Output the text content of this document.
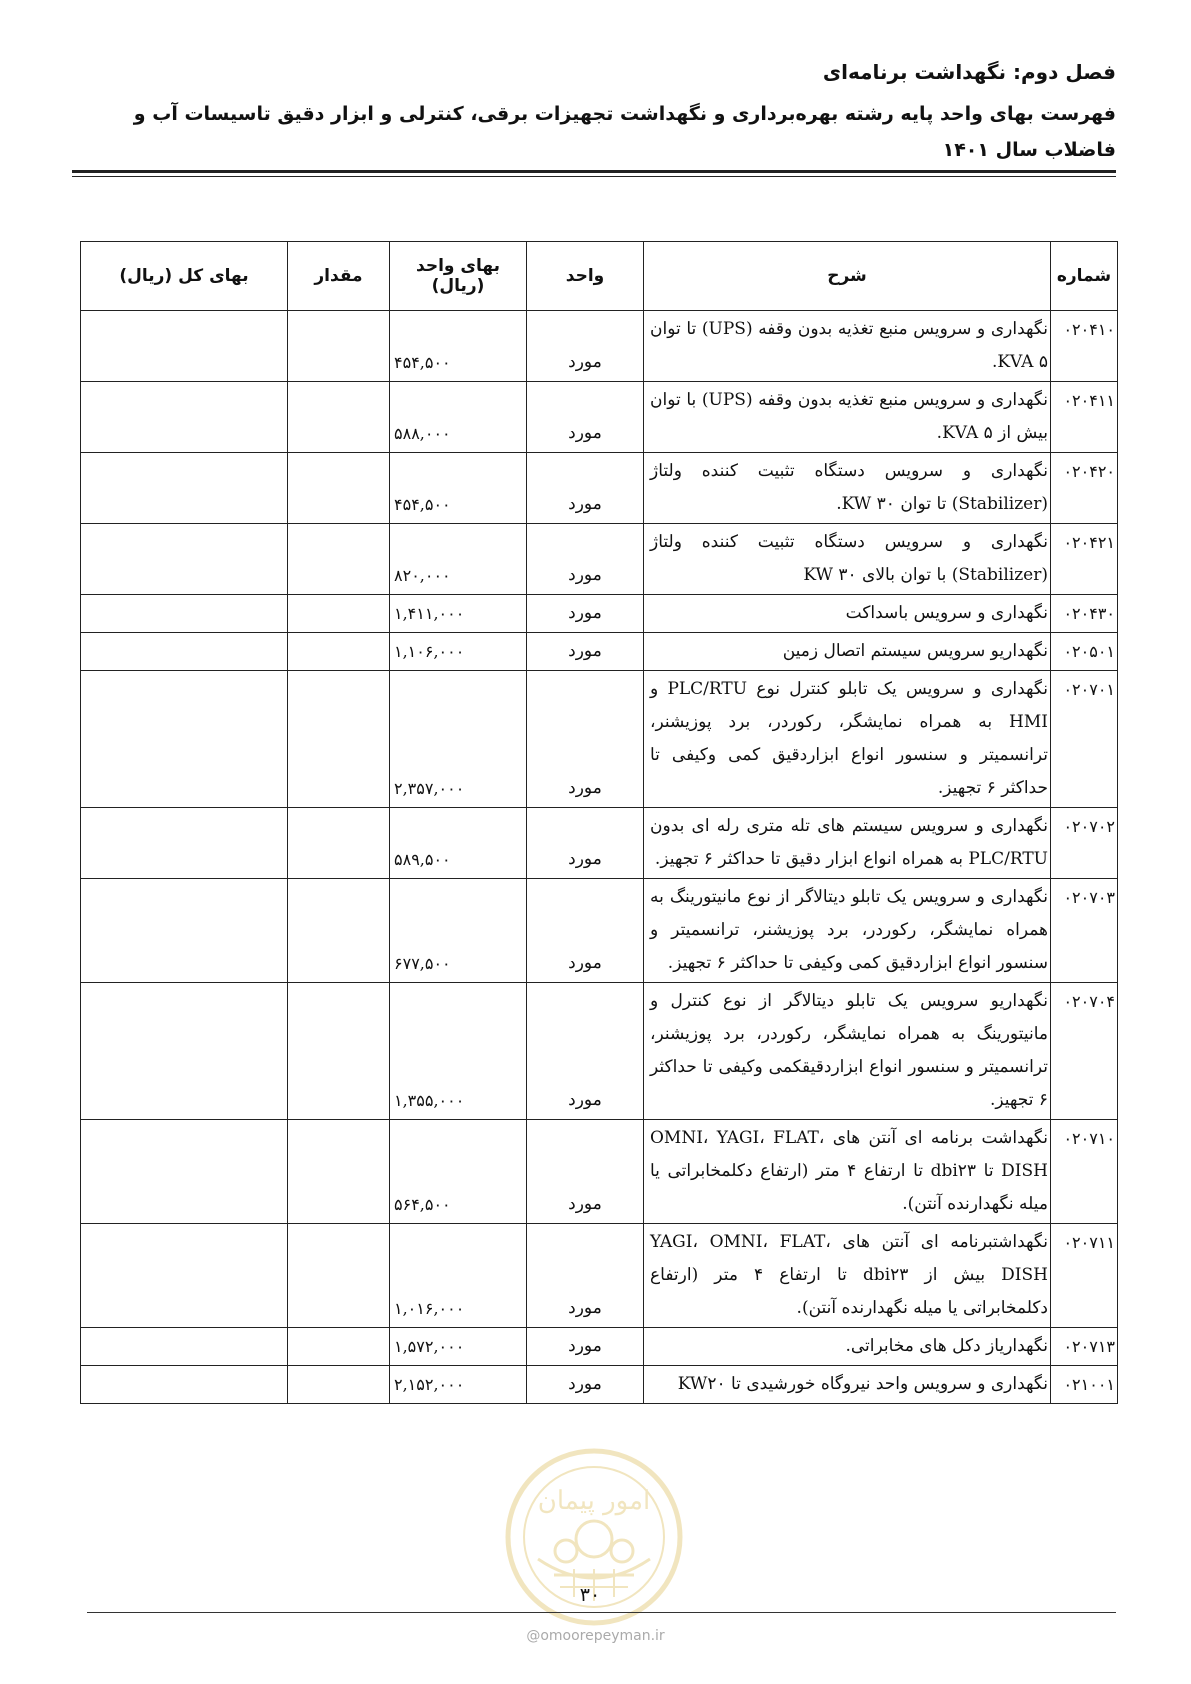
فصل دوم: نگهداشت برنامه‌ای
فهرست بهای واحد پایه رشته بهره‌برداری و نگهداشت تجهیزات برقی، کنترلی و ابزار دقیق تاسیسات آب و فاضلاب سال ۱۴۰۱
شماره	شرح	واحد	بهای واحد (ریال)	مقدار	بهای کل (ریال)
۰۲۰۴۱۰	نگهداری و سرویس منبع تغذیه بدون وقفه (UPS) تا توان ۵ KVA.	مورد	۴۵۴,۵۰۰		
۰۲۰۴۱۱	نگهداری و سرویس منبع تغذیه بدون وقفه (UPS) با توان بیش از ۵ KVA.	مورد	۵۸۸,۰۰۰		
۰۲۰۴۲۰	نگهداری و سرویس دستگاه تثبیت کننده ولتاژ (Stabilizer) تا توان ۳۰ KW.	مورد	۴۵۴,۵۰۰		
۰۲۰۴۲۱	نگهداری و سرویس دستگاه تثبیت کننده ولتاژ (Stabilizer) با توان بالای ۳۰ KW	مورد	۸۲۰,۰۰۰		
۰۲۰۴۳۰	نگهداری و سرویس باسداکت	مورد	۱,۴۱۱,۰۰۰		
۰۲۰۵۰۱	نگهداریو سرویس سیستم اتصال زمین	مورد	۱,۱۰۶,۰۰۰		
۰۲۰۷۰۱	نگهداری و سرویس یک تابلو کنترل نوع PLC/RTU و HMI به همراه نمایشگر، رکوردر، برد پوزیشنر، ترانسمیتر و سنسور انواع ابزاردقیق کمی وکیفی تا حداکثر ۶ تجهیز.	مورد	۲,۳۵۷,۰۰۰		
۰۲۰۷۰۲	نگهداری و سرویس سیستم های تله متری رله ای بدون PLC/RTU به همراه انواع ابزار دقیق تا حداکثر ۶ تجهیز.	مورد	۵۸۹,۵۰۰		
۰۲۰۷۰۳	نگهداری و سرویس یک تابلو دیتالاگر از نوع مانیتورینگ به همراه نمایشگر، رکوردر، برد پوزیشنر، ترانسمیتر و سنسور انواع ابزاردقیق کمی وکیفی تا حداکثر ۶ تجهیز.	مورد	۶۷۷,۵۰۰		
۰۲۰۷۰۴	نگهداریو سرویس یک تابلو دیتالاگر از نوع کنترل و مانیتورینگ به همراه نمایشگر، رکوردر، برد پوزیشنر، ترانسمیتر و سنسور انواع ابزاردقیقکمی وکیفی تا حداکثر ۶ تجهیز.	مورد	۱,۳۵۵,۰۰۰		
۰۲۰۷۱۰	نگهداشت برنامه ای آنتن های OMNI، YAGI، FLAT، DISH تا dbi۲۳ تا ارتفاع ۴ متر (ارتفاع دکلمخابراتی یا میله نگهدارنده آنتن).	مورد	۵۶۴,۵۰۰		
۰۲۰۷۱۱	نگهداشتبرنامه ای آنتن های YAGI، OMNI، FLAT، DISH بیش از dbi۲۳ تا ارتفاع ۴ متر (ارتفاع دکلمخابراتی یا میله نگهدارنده آنتن).	مورد	۱,۰۱۶,۰۰۰		
۰۲۰۷۱۳	نگهداریاز دکل های مخابراتی.	مورد	۱,۵۷۲,۰۰۰		
۰۲۱۰۰۱	نگهداری و سرویس واحد نیروگاه خورشیدی تا KW۲۰	مورد	۲,۱۵۲,۰۰۰		
امور پیمان
۳۰
@omoorepeyman.ir
